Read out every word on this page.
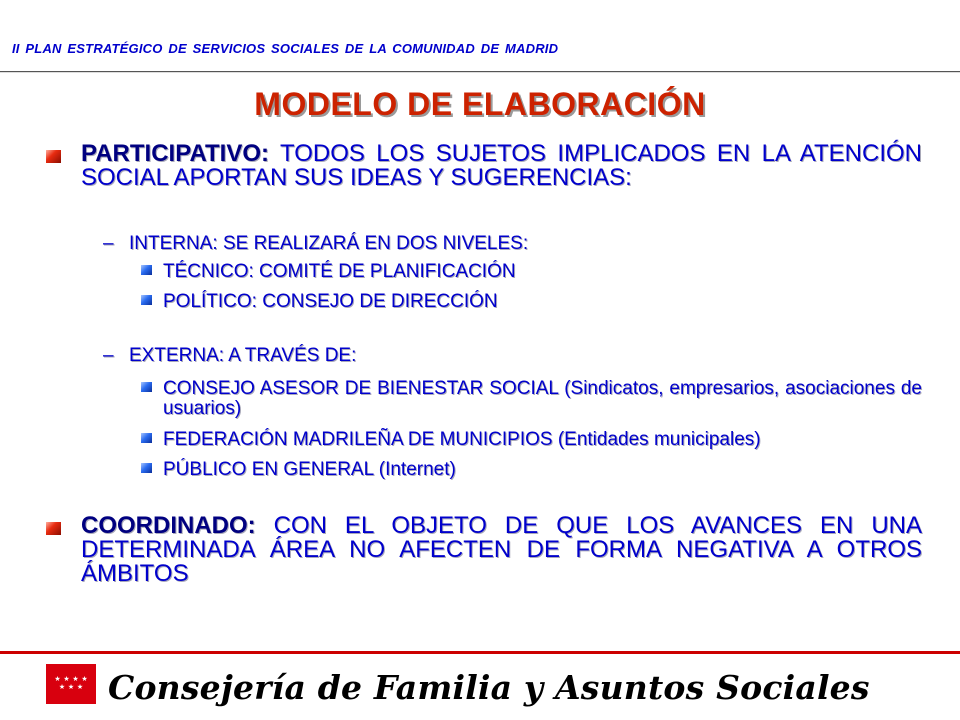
II PLAN ESTRATÉGICO DE SERVICIOS SOCIALES DE LA COMUNIDAD DE MADRID
MODELO DE ELABORACIÓN
PARTICIPATIVO: TODOS LOS SUJETOS IMPLICADOS EN LA ATENCIÓN SOCIAL APORTAN SUS IDEAS Y SUGERENCIAS:
– INTERNA: SE REALIZARÁ EN DOS NIVELES:
TÉCNICO: COMITÉ DE PLANIFICACIÓN
POLÍTICO: CONSEJO DE DIRECCIÓN
– EXTERNA: A TRAVÉS DE:
CONSEJO ASESOR DE BIENESTAR SOCIAL (Sindicatos, empresarios, asociaciones de usuarios)
FEDERACIÓN MADRILEÑA DE MUNICIPIOS (Entidades municipales)
PÚBLICO EN GENERAL (Internet)
COORDINADO: CON EL OBJETO DE QUE LOS AVANCES EN UNA DETERMINADA ÁREA NO AFECTEN DE FORMA NEGATIVA A OTROS ÁMBITOS
★ ★ ★ ★
★ ★ ★ Consejería de Familia y Asuntos Sociales
